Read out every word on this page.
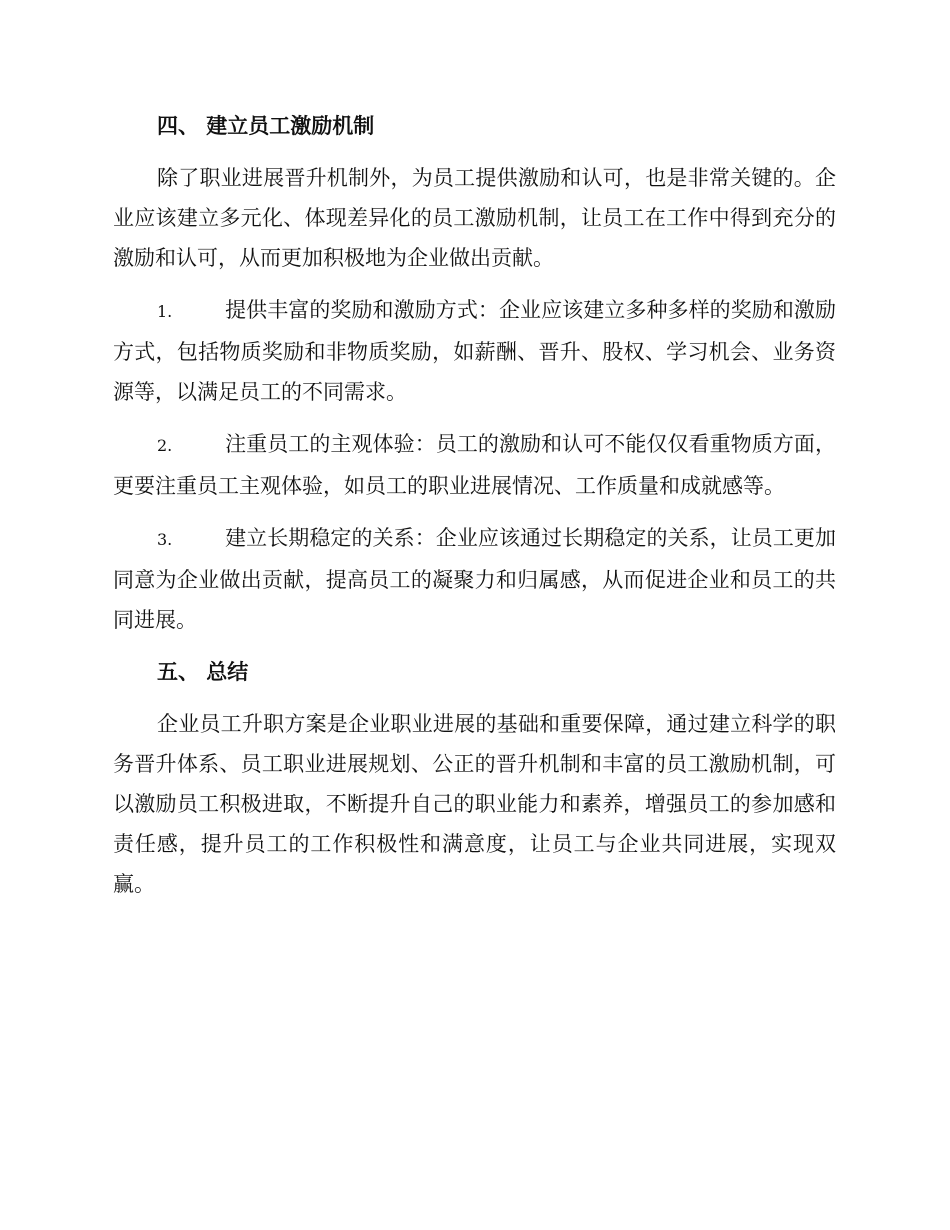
四、 建立员工激励机制

除了职业进展晋升机制外，为员工提供激励和认可，也是非常关键的。企业应该建立多元化、体现差异化的员工激励机制，让员工在工作中得到充分的激励和认可，从而更加积极地为企业做出贡献。

1.	提供丰富的奖励和激励方式：企业应该建立多种多样的奖励和激励方式，包括物质奖励和非物质奖励，如薪酬、晋升、股权、学习机会、业务资源等，以满足员工的不同需求。

2.	注重员工的主观体验：员工的激励和认可不能仅仅看重物质方面，更要注重员工主观体验，如员工的职业进展情况、工作质量和成就感等。

3.	建立长期稳定的关系：企业应该通过长期稳定的关系，让员工更加同意为企业做出贡献，提高员工的凝聚力和归属感，从而促进企业和员工的共同进展。

五、 总结

企业员工升职方案是企业职业进展的基础和重要保障，通过建立科学的职务晋升体系、员工职业进展规划、公正的晋升机制和丰富的员工激励机制，可以激励员工积极进取，不断提升自己的职业能力和素养，增强员工的参加感和责任感，提升员工的工作积极性和满意度，让员工与企业共同进展，实现双赢。
